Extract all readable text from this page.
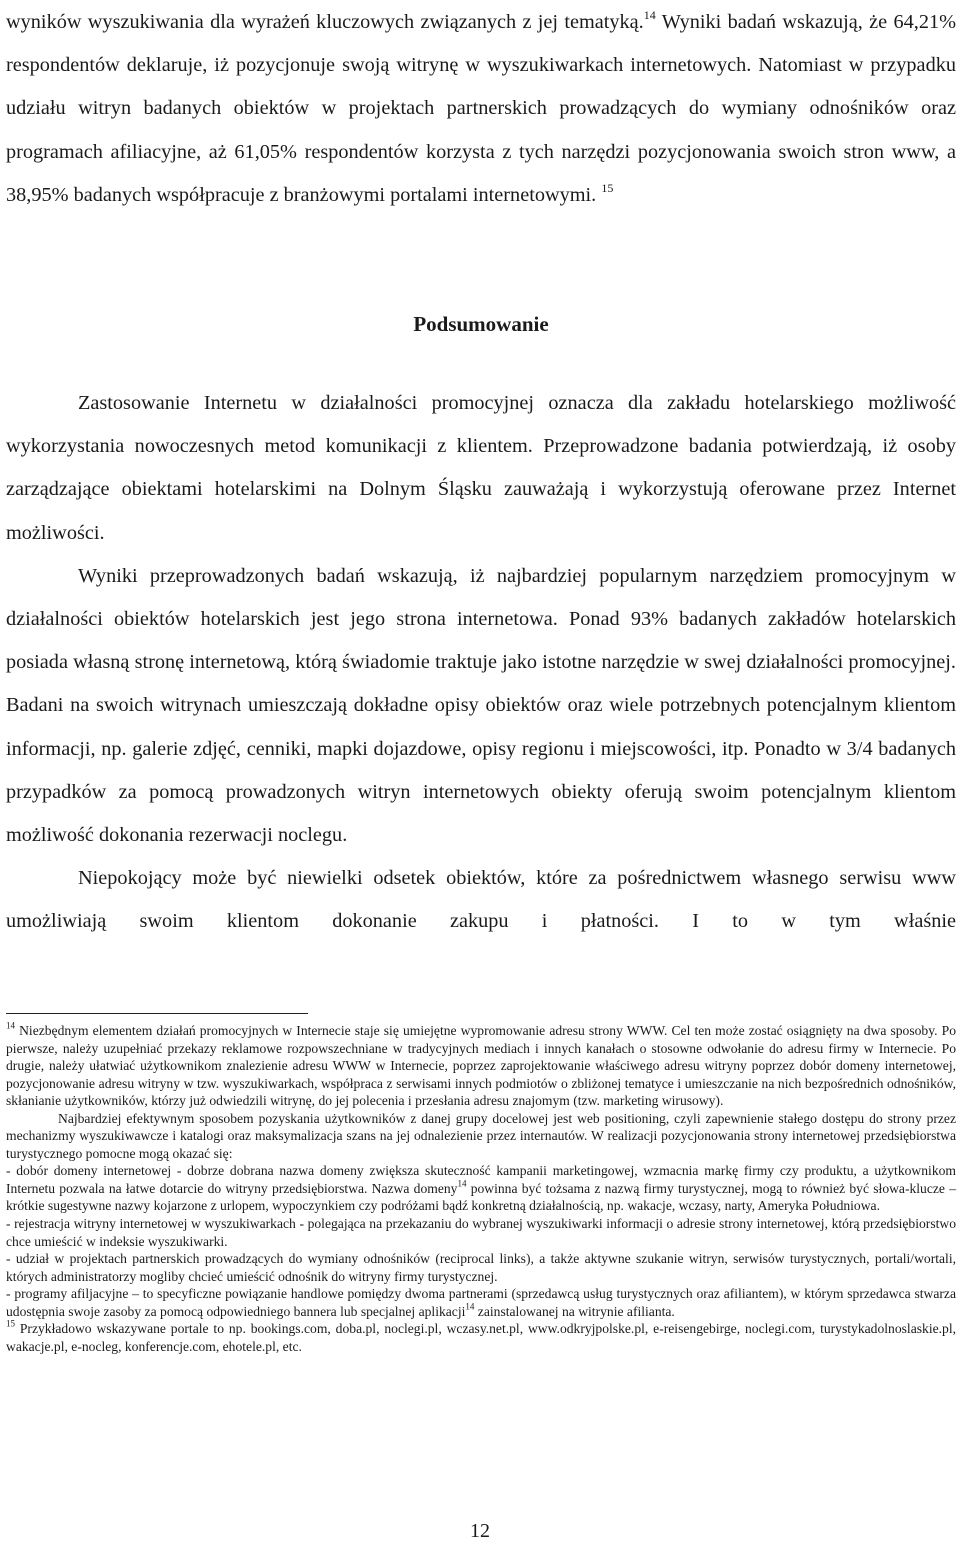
wyników wyszukiwania dla wyrażeń kluczowych związanych z jej tematyką.$^{14}$ Wyniki badań wskazują, że 64,21% respondentów deklaruje, iż pozycjonuje swoją witrynę w wyszukiwarkach internetowych. Natomiast w przypadku udziału witryn badanych obiektów w projektach partnerskich prowadzących do wymiany odnośników oraz programach afiliacyjne, aż 61,05% respondentów korzysta z tych narzędzi pozycjonowania swoich stron www, a 38,95% badanych współpracuje z branżowymi portalami internetowymi. $^{15}$

Podsumowanie

Zastosowanie Internetu w działalności promocyjnej oznacza dla zakładu hotelarskiego możliwość wykorzystania nowoczesnych metod komunikacji z klientem. Przeprowadzone badania potwierdzają, iż osoby zarządzające obiektami hotelarskimi na Dolnym Śląsku zauważają i wykorzystują oferowane przez Internet możliwości.

Wyniki przeprowadzonych badań wskazują, iż najbardziej popularnym narzędziem promocyjnym w działalności obiektów hotelarskich jest jego strona internetowa. Ponad 93% badanych zakładów hotelarskich posiada własną stronę internetową, którą świadomie traktuje jako istotne narzędzie w swej działalności promocyjnej. Badani na swoich witrynach umieszczają dokładne opisy obiektów oraz wiele potrzebnych potencjalnym klientom informacji, np. galerie zdjęć, cenniki, mapki dojazdowe, opisy regionu i miejscowości, itp. Ponadto w 3/4 badanych przypadków za pomocą prowadzonych witryn internetowych obiekty oferują swoim potencjalnym klientom możliwość dokonania rezerwacji noclegu.

Niepokojący może być niewielki odsetek obiektów, które za pośrednictwem własnego serwisu www umożliwiają swoim klientom dokonanie zakupu i płatności. I to w tym właśnie

$^{14}$ Niezbędnym elementem działań promocyjnych w Internecie staje się umiejętne wypromowanie adresu strony WWW. Cel ten może zostać osiągnięty na dwa sposoby. Po pierwsze, należy uzupełniać przekazy reklamowe rozpowszechniane w tradycyjnych mediach i innych kanałach o stosowne odwołanie do adresu firmy w Internecie. Po drugie, należy ułatwiać użytkownikom znalezienie adresu WWW w Internecie, poprzez zaprojektowanie właściwego adresu witryny poprzez dobór domeny internetowej, pozycjonowanie adresu witryny w tzw. wyszukiwarkach, współpraca z serwisami innych podmiotów o zbliżonej tematyce i umieszczanie na nich bezpośrednich odnośników, skłanianie użytkowników, którzy już odwiedzili witrynę, do jej polecenia i przesłania adresu znajomym (tzw. marketing wirusowy).

Najbardziej efektywnym sposobem pozyskania użytkowników z danej grupy docelowej jest web positioning, czyli zapewnienie stałego dostępu do strony przez mechanizmy wyszukiwawcze i katalogi oraz maksymalizacja szans na jej odnalezienie przez internautów. W realizacji pozycjonowania strony internetowej przedsiębiorstwa turystycznego pomocne mogą okazać się:

- dobór domeny internetowej - dobrze dobrana nazwa domeny zwiększa skuteczność kampanii marketingowej, wzmacnia markę firmy czy produktu, a użytkownikom Internetu pozwala na łatwe dotarcie do witryny przedsiębiorstwa. Nazwa domeny$^{14}$ powinna być tożsama z nazwą firmy turystycznej, mogą to również być słowa-klucze – krótkie sugestywne nazwy kojarzone z urlopem, wypoczynkiem czy podróżami bądź konkretną działalnością, np. wakacje, wczasy, narty, Ameryka Południowa.

- rejestracja witryny internetowej w wyszukiwarkach - polegająca na przekazaniu do wybranej wyszukiwarki informacji o adresie strony internetowej, którą przedsiębiorstwo chce umieścić w indeksie wyszukiwarki.

- udział w projektach partnerskich prowadzących do wymiany odnośników (reciprocal links), a także aktywne szukanie witryn, serwisów turystycznych, portali/wortali, których administratorzy mogliby chcieć umieścić odnośnik do witryny firmy turystycznej.

- programy afiljacyjne – to specyficzne powiązanie handlowe pomiędzy dwoma partnerami (sprzedawcą usług turystycznych oraz afiliantem), w którym sprzedawca stwarza udostępnia swoje zasoby za pomocą odpowiedniego bannera lub specjalnej aplikacji$^{14}$ zainstalowanej na witrynie afilianta.

$^{15}$ Przykładowo wskazywane portale to np. bookings.com, doba.pl, noclegi.pl, wczasy.net.pl, www.odkryjpolske.pl, e-reisengebirge, noclegi.com, turystykadolnoslaskie.pl, wakacje.pl, e-nocleg, konferencje.com, ehotele.pl, etc.

12
